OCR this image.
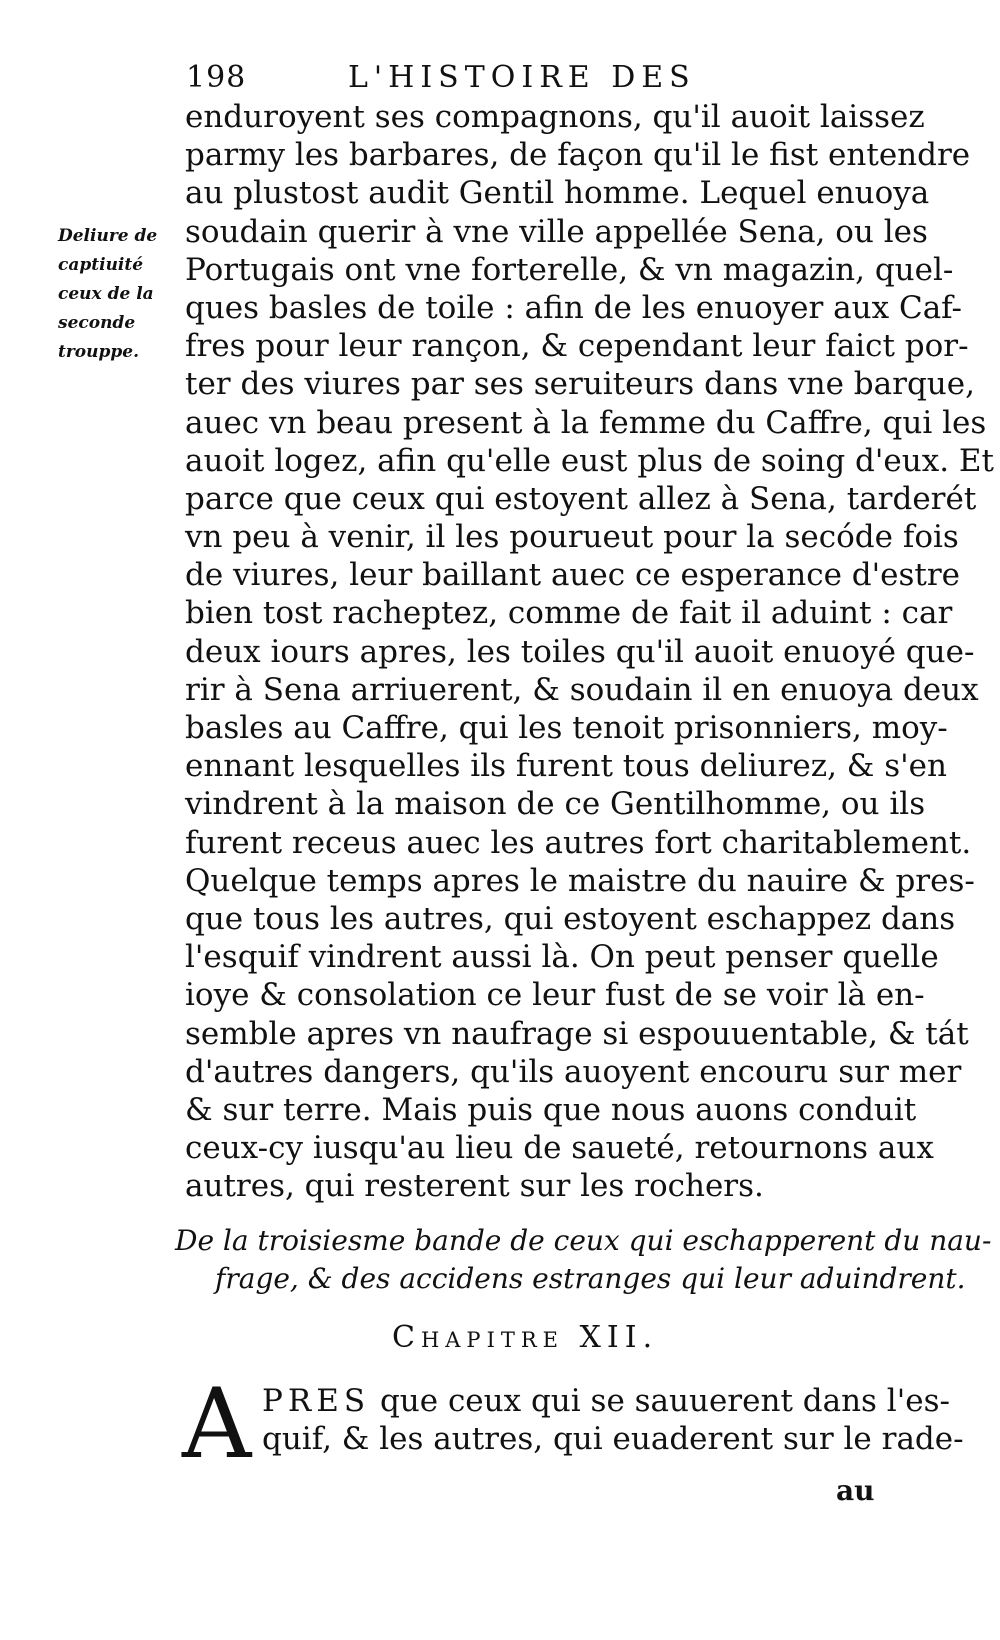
198	L'HISTOIRE DES
Deliure de
captiuité
ceux de la
seconde
trouppe.
enduroyent ses compagnons, qu'il auoit laissez
parmy les barbares, de façon qu'il le fist entendre
au plustost audit Gentil homme. Lequel enuoya
soudain querir à vne ville appellée Sena, ou les
Portugais ont vne forterelle, & vn magazin, quel-
ques basles de toile : afin de les enuoyer aux Caf-
fres pour leur rançon, & cependant leur faict por-
ter des viures par ses seruiteurs dans vne barque,
auec vn beau present à la femme du Caffre, qui les
auoit logez, afin qu'elle eust plus de soing d'eux. Et
parce que ceux qui estoyent allez à Sena, tarderét
vn peu à venir, il les pourueut pour la secóde fois
de viures, leur baillant auec ce esperance d'estre
bien tost racheptez, comme de fait il aduint : car
deux iours apres, les toiles qu'il auoit enuoyé que-
rir à Sena arriuerent, & soudain il en enuoya deux
basles au Caffre, qui les tenoit prisonniers, moy-
ennant lesquelles ils furent tous deliurez, & s'en
vindrent à la maison de ce Gentilhomme, ou ils
furent receus auec les autres fort charitablement.
Quelque temps apres le maistre du nauire & pres-
que tous les autres, qui estoyent eschappez dans
l'esquif vindrent aussi là. On peut penser quelle
ioye & consolation ce leur fust de se voir là en-
semble apres vn naufrage si espouuentable, & tát
d'autres dangers, qu'ils auoyent encouru sur mer
& sur terre. Mais puis que nous auons conduit
ceux-cy iusqu'au lieu de saueté, retournons aux
autres, qui resterent sur les rochers.
De la troisiesme bande de ceux qui eschapperent du nau-
frage, & des accidens estranges qui leur aduindrent.
Chapitre XII.
A PRES que ceux qui se sauuerent dans l'es-
quif, & les autres, qui euaderent sur le rade-
au
